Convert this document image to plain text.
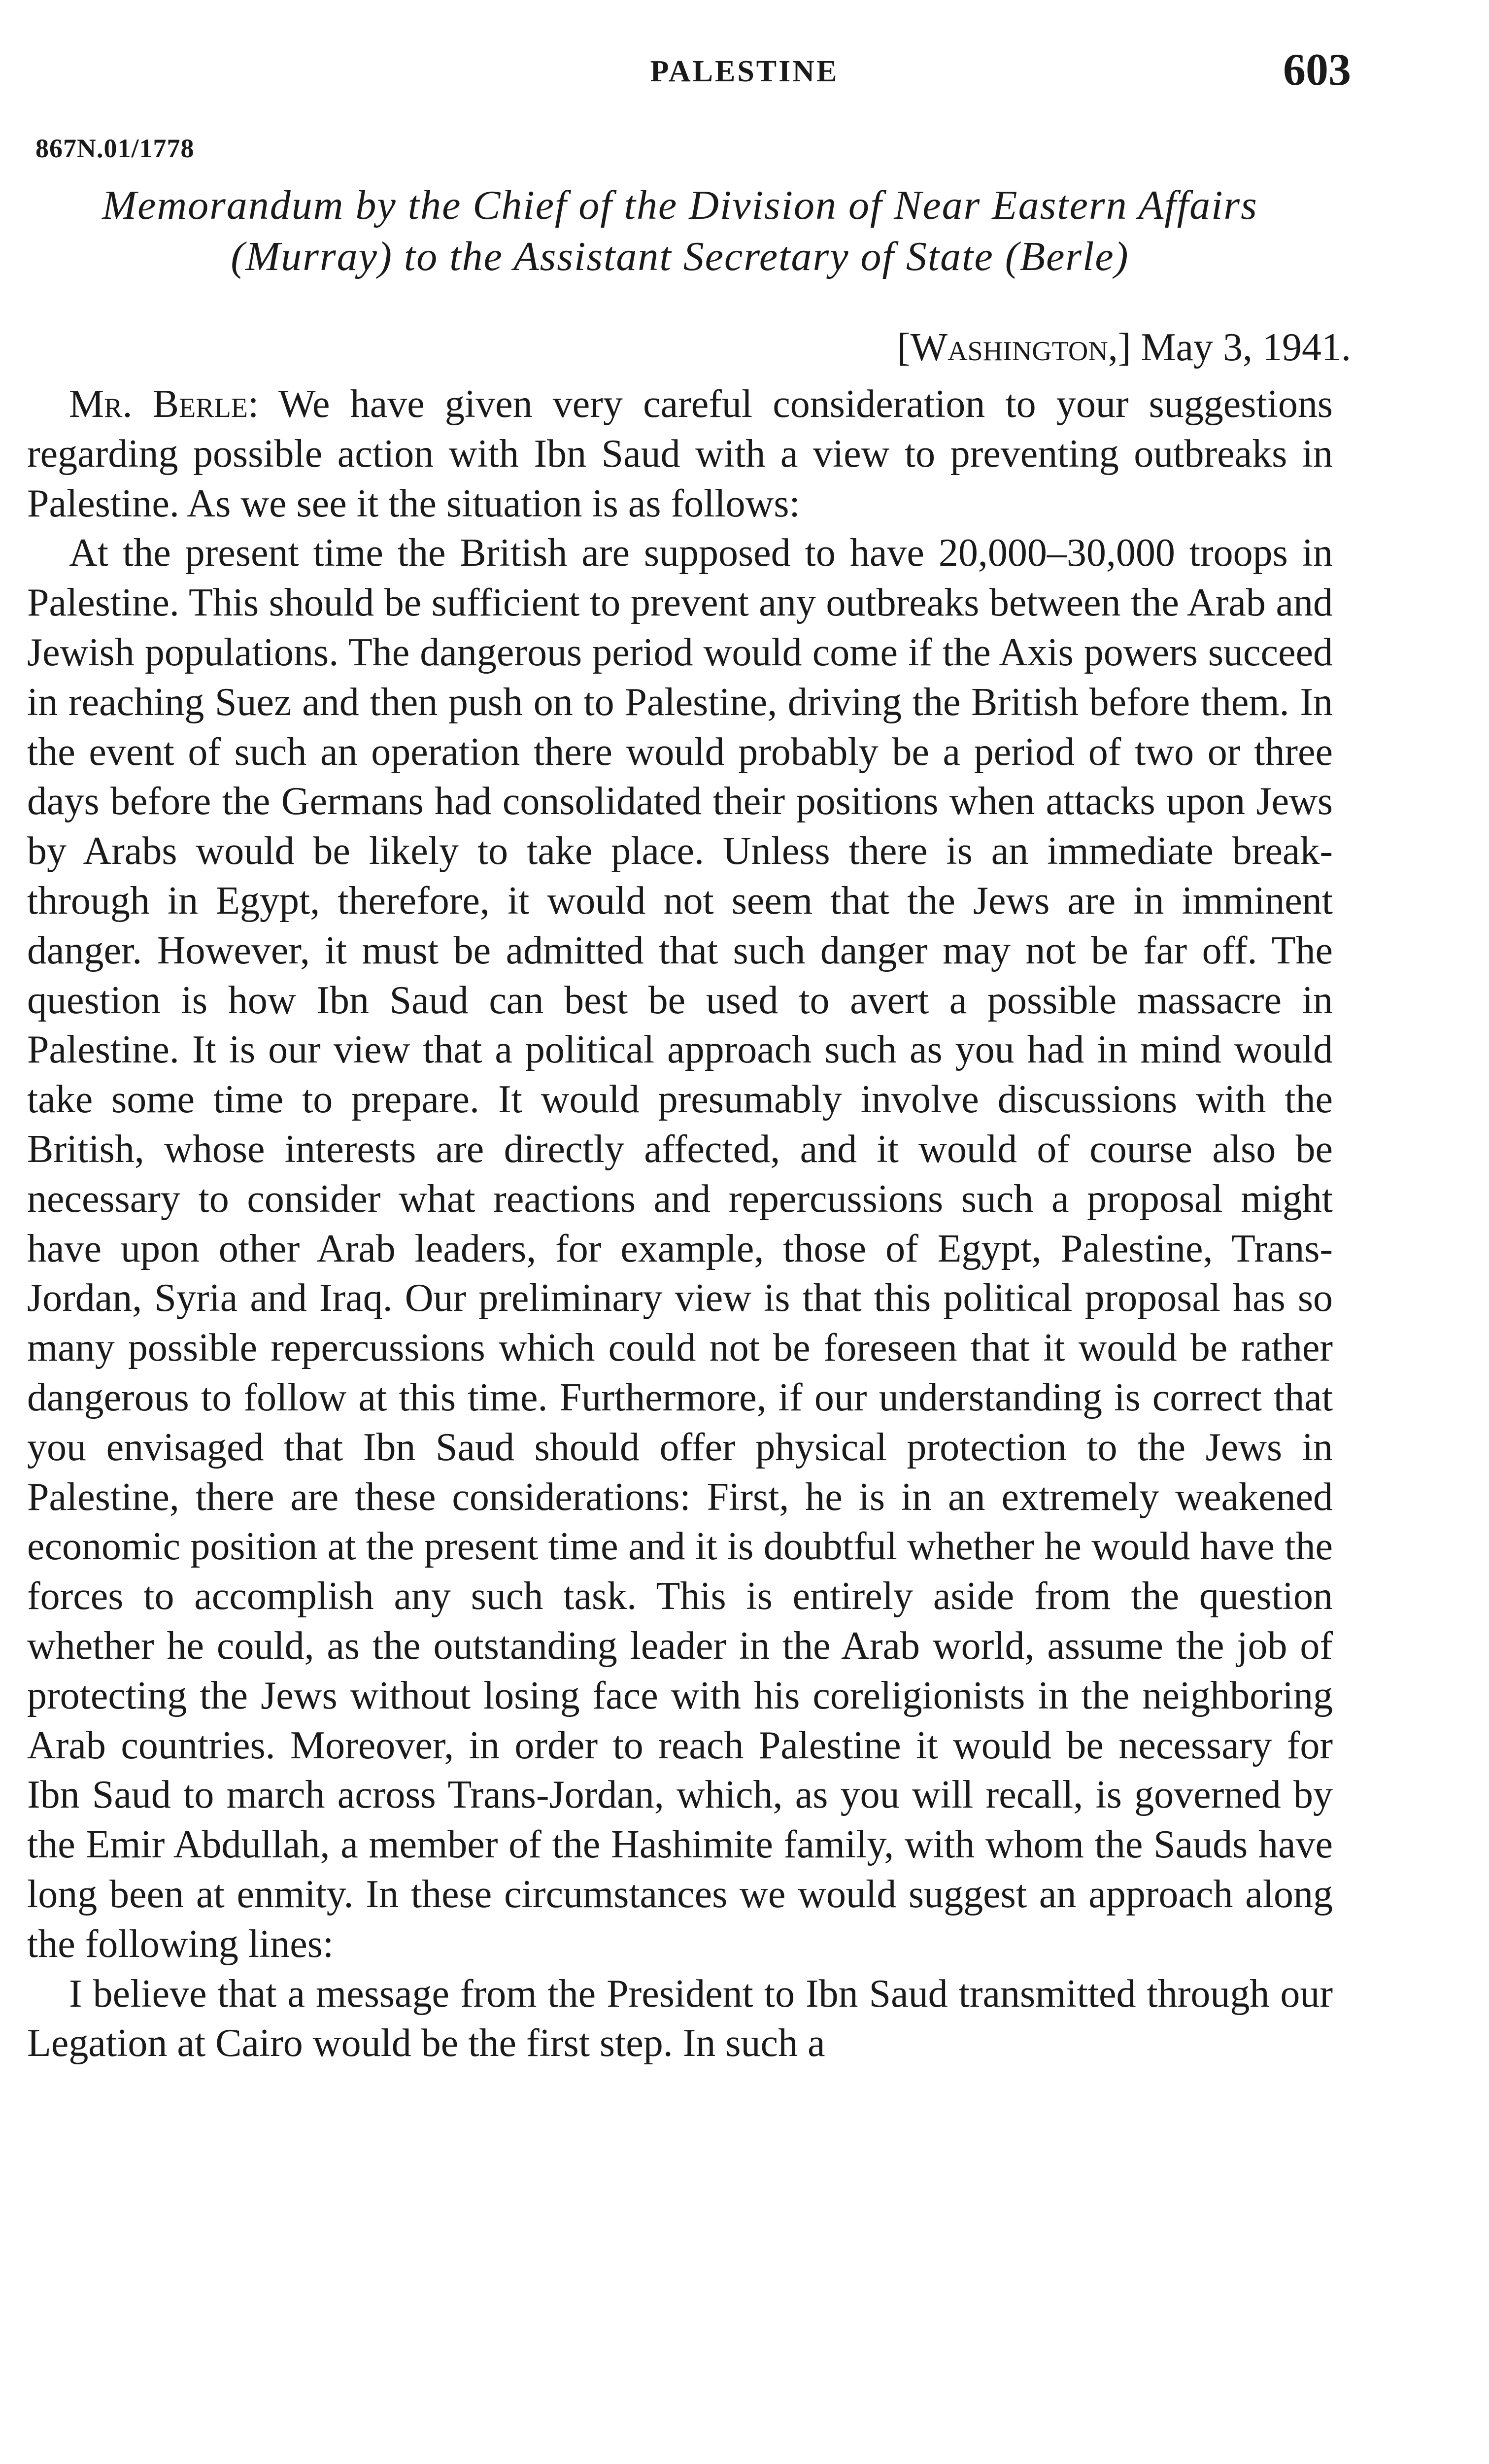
PALESTINE	603
867N.01/1778
Memorandum by the Chief of the Division of Near Eastern Affairs
(Murray) to the Assistant Secretary of State (Berle)
[Washington,] May 3, 1941.

Mr. Berle: We have given very careful consideration to your suggestions regarding possible action with Ibn Saud with a view to preventing outbreaks in Palestine. As we see it the situation is as follows:

At the present time the British are supposed to have 20,000–30,000 troops in Palestine. This should be sufficient to prevent any outbreaks between the Arab and Jewish populations. The dangerous period would come if the Axis powers succeed in reaching Suez and then push on to Palestine, driving the British before them. In the event of such an operation there would probably be a period of two or three days before the Germans had consolidated their positions when attacks upon Jews by Arabs would be likely to take place. Unless there is an immediate break-through in Egypt, therefore, it would not seem that the Jews are in imminent danger. However, it must be admitted that such danger may not be far off. The question is how Ibn Saud can best be used to avert a possible massacre in Palestine. It is our view that a political approach such as you had in mind would take some time to prepare. It would presumably involve discussions with the British, whose interests are directly affected, and it would of course also be necessary to consider what reactions and repercussions such a proposal might have upon other Arab leaders, for example, those of Egypt, Palestine, Trans-Jordan, Syria and Iraq. Our preliminary view is that this political proposal has so many possible repercussions which could not be foreseen that it would be rather dangerous to follow at this time. Furthermore, if our understanding is correct that you envisaged that Ibn Saud should offer physical protection to the Jews in Palestine, there are these considerations: First, he is in an extremely weakened economic position at the present time and it is doubtful whether he would have the forces to accomplish any such task. This is entirely aside from the question whether he could, as the outstanding leader in the Arab world, assume the job of protecting the Jews without losing face with his coreligionists in the neighboring Arab countries. Moreover, in order to reach Palestine it would be necessary for Ibn Saud to march across Trans-Jordan, which, as you will recall, is governed by the Emir Abdullah, a member of the Hashimite family, with whom the Sauds have long been at enmity. In these circumstances we would suggest an approach along the following lines:

I believe that a message from the President to Ibn Saud transmitted through our Legation at Cairo would be the first step. In such a
